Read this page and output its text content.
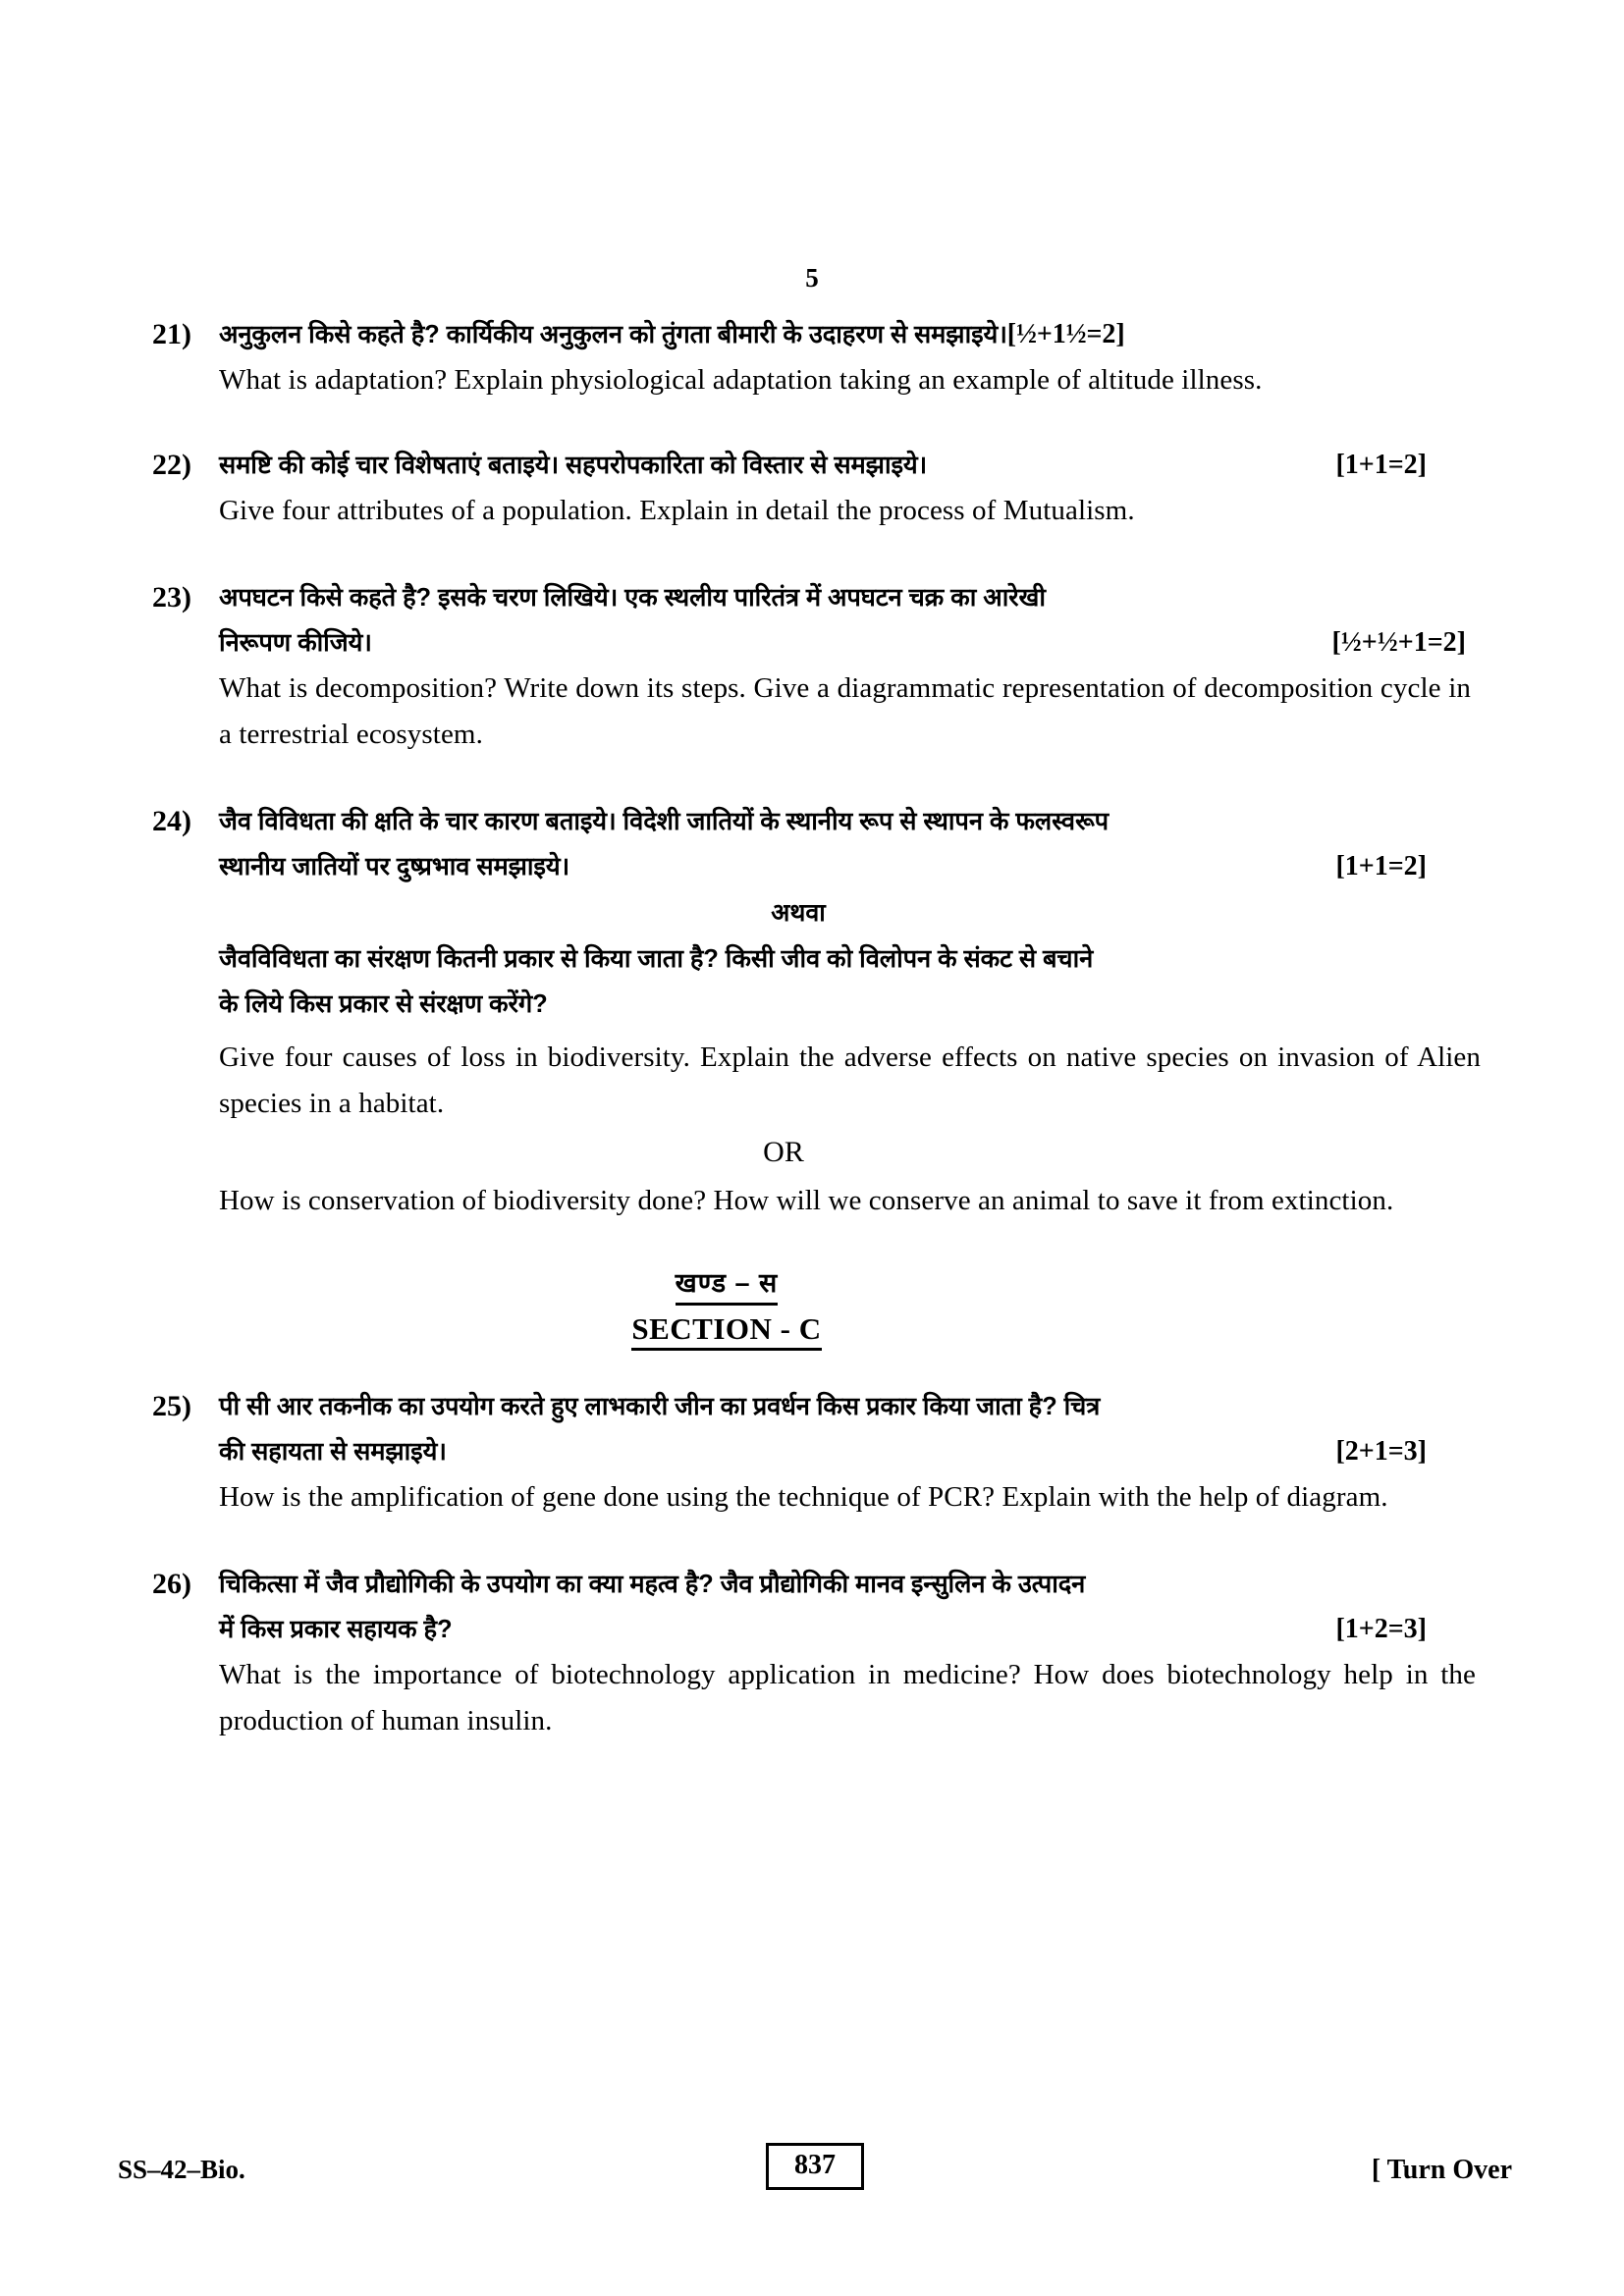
5
21)	अनुकुलन किसे कहते है? कार्यिकीय अनुकुलन को तुंगता बीमारी के उदाहरण से समझाइये। [½+1½=2]
What is adaptation? Explain physiological adaptation taking an example of altitude illness.
22)	समष्टि की कोई चार विशेषताएं बताइये। सहपरोपकारिता को विस्तार से समझाइये।	[1+1=2]
Give four attributes of a population. Explain in detail the process of Mutualism.
23)	अपघटन किसे कहते है? इसके चरण लिखिये। एक स्थलीय पारितंत्र में अपघटन चक्र का आरेखी
निरूपण कीजिये।	[½+½+1=2]
What is decomposition? Write down its steps. Give a diagrammatic representation of decomposition cycle in a terrestrial ecosystem.
24)	जैव विविधता की क्षति के चार कारण बताइये। विदेशी जातियों के स्थानीय रूप से स्थापन के फलस्वरूप
स्थानीय जातियों पर दुष्प्रभाव समझाइये।	[1+1=2]
अथवा
जैवविविधता का संरक्षण कितनी प्रकार से किया जाता है? किसी जीव को विलोपन के संकट से बचाने
के लिये किस प्रकार से संरक्षण करेंगे?
Give four causes of loss in biodiversity. Explain the adverse effects on native species on invasion of Alien species in a habitat.
OR
How is conservation of biodiversity done? How will we conserve an animal to save it from extinction.
खण्ड – स
SECTION - C
25)	पी सी आर तकनीक का उपयोग करते हुए लाभकारी जीन का प्रवर्धन किस प्रकार किया जाता है? चित्र
की सहायता से समझाइये।	[2+1=3]
How is the amplification of gene done using the technique of PCR? Explain with the help of diagram.
26)	चिकित्सा में जैव प्रौद्योगिकी के उपयोग का क्या महत्व है? जैव प्रौद्योगिकी मानव इन्सुलिन के उत्पादन
में किस प्रकार सहायक है?	[1+2=3]
What is the importance of biotechnology application in medicine? How does biotechnology help in the production of human insulin.
SS–42–Bio.	837	[ Turn Over
